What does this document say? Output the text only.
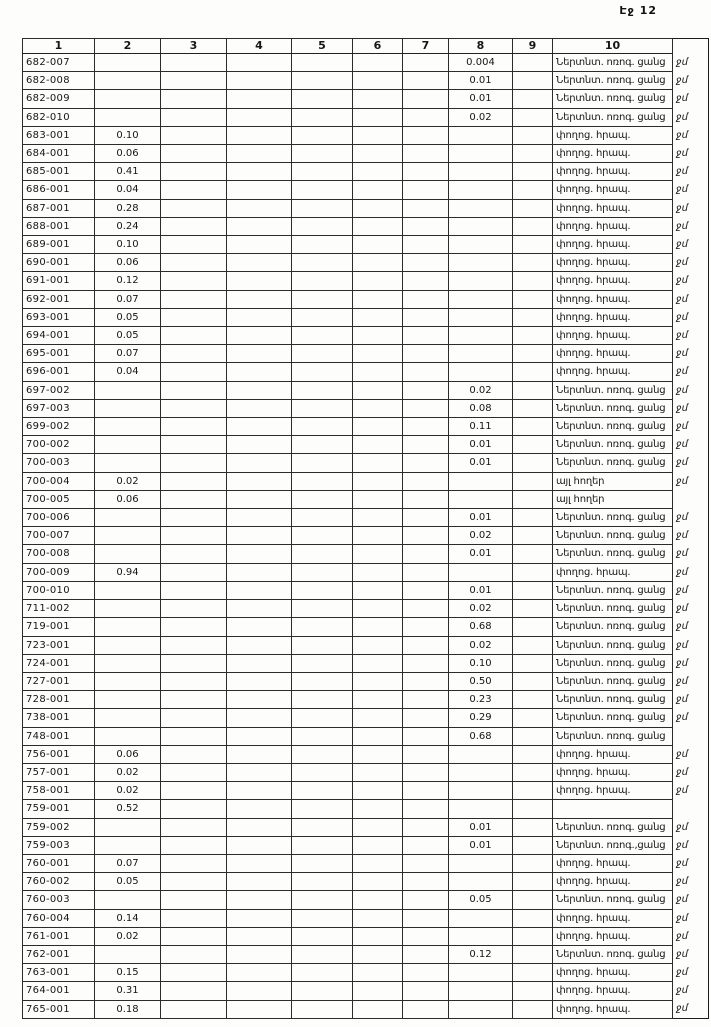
Էջ 12
1	2	3	4	5	6	7	8	9	10	
682-007							0.004		Ներտնտ. ոռոգ. ցանց	ջմ
682-008							0.01		Ներտնտ. ոռոգ. ցանց	ջմ
682-009							0.01		Ներտնտ. ոռոգ. ցանց	ջմ
682-010							0.02		Ներտնտ. ոռոգ. ցանց	ջմ
683-001	0.10								փողոց. հրապ.	ջմ
684-001	0.06								փողոց. հրապ.	ջմ
685-001	0.41								փողոց. հրապ.	ջմ
686-001	0.04								փողոց. հրապ.	ջմ
687-001	0.28								փողոց. հրապ.	ջմ
688-001	0.24								փողոց. հրապ.	ջմ
689-001	0.10								փողոց. հրապ.	ջմ
690-001	0.06								փողոց. հրապ.	ջմ
691-001	0.12								փողոց. հրապ.	ջմ
692-001	0.07								փողոց. հրապ.	ջմ
693-001	0.05								փողոց. հրապ.	ջմ
694-001	0.05								փողոց. հրապ.	ջմ
695-001	0.07								փողոց. հրապ.	ջմ
696-001	0.04								փողոց. հրապ.	ջմ
697-002							0.02		Ներտնտ. ոռոգ. ցանց	ջմ
697-003							0.08		Ներտնտ. ոռոգ. ցանց	ջմ
699-002							0.11		Ներտնտ. ոռոգ. ցանց	ջմ
700-002							0.01		Ներտնտ. ոռոգ. ցանց	ջմ
700-003							0.01		Ներտնտ. ոռոգ. ցանց	ջմ
700-004	0.02								այլ հողեր	ջմ
700-005	0.06								այլ հողեր	
700-006							0.01		Ներտնտ. ոռոգ. ցանց	ջմ
700-007							0.02		Ներտնտ. ոռոգ. ցանց	ջմ
700-008							0.01		Ներտնտ. ոռոգ. ցանց	ջմ
700-009	0.94								փողոց. հրապ.	ջմ
700-010							0.01		Ներտնտ. ոռոգ. ցանց	ջմ
711-002							0.02		Ներտնտ. ոռոգ. ցանց	ջմ
719-001							0.68		Ներտնտ. ոռոգ. ցանց	ջմ
723-001							0.02		Ներտնտ. ոռոգ. ցանց	ջմ
724-001							0.10		Ներտնտ. ոռոգ. ցանց	ջմ
727-001							0.50		Ներտնտ. ոռոգ. ցանց	ջմ
728-001							0.23		Ներտնտ. ոռոգ. ցանց	ջմ
738-001							0.29		Ներտնտ. ոռոգ. ցանց	ջմ
748-001							0.68		Ներտնտ. ոռոգ. ցանց	
756-001	0.06								փողոց. հրապ.	ջմ
757-001	0.02								փողոց. հրապ.	ջմ
758-001	0.02								փողոց. հրապ.	ջմ
759-001	0.52									
759-002							0.01		Ներտնտ. ոռոգ. ցանց	ջմ
759-003							0.01		Ներտնտ. ոռոգ.,ցանց	ջմ
760-001	0.07								փողոց. հրապ.	ջմ
760-002	0.05								փողոց. հրապ.	ջմ
760-003							0.05		Ներտնտ. ոռոգ. ցանց	ջմ
760-004	0.14								փողոց. հրապ.	ջմ
761-001	0.02								փողոց. հրապ.	ջմ
762-001							0.12		Ներտնտ. ոռոգ. ցանց	ջմ
763-001	0.15								փողոց. հրապ.	ջմ
764-001	0.31								փողոց. հրապ.	ջմ
765-001	0.18								փողոց. հրապ.	ջմ
